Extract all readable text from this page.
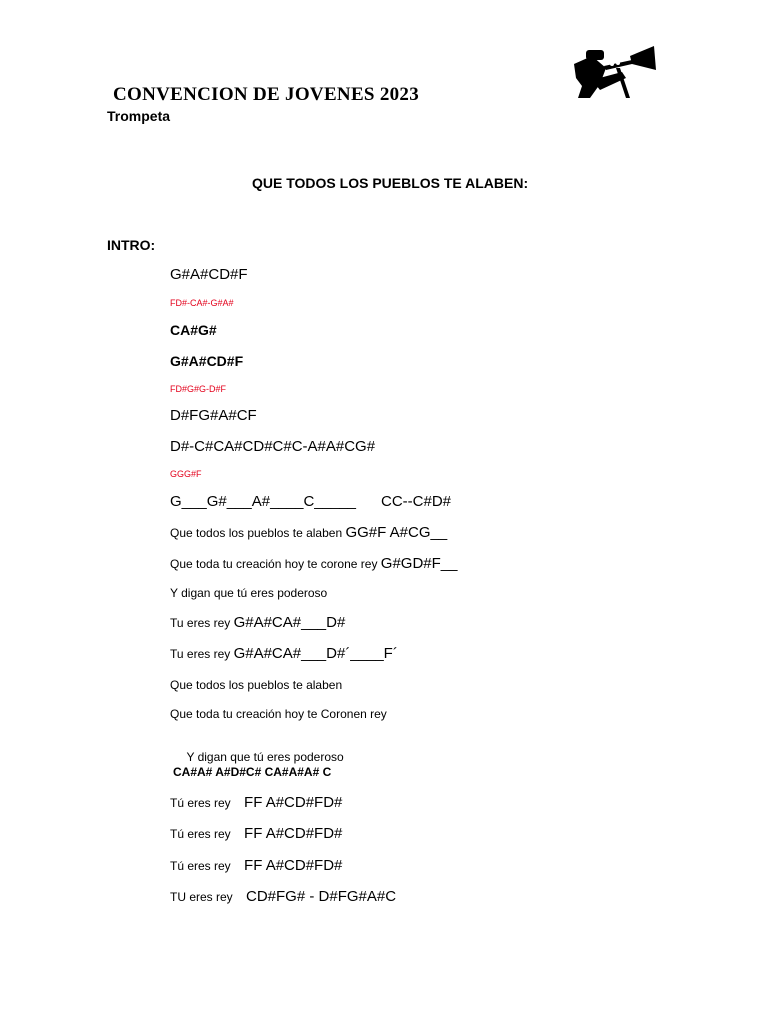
CONVENCION DE JOVENES 2023
Trompeta
QUE TODOS LOS PUEBLOS TE ALABEN:
INTRO:
G#A#CD#F
FD#-CA#-G#A#
CA#G#
G#A#CD#F
FD#G#G-D#F
D#FG#A#CF
D#-C#CA#CD#C#C-A#A#CG#
GGG#F
G___G#___A#____C_____      CC--C#D#
Que todos los pueblos te alaben GG#F A#CG__
Que toda tu creación hoy te corone rey G#GD#F__
Y digan que tú eres poderoso
Tu eres rey G#A#CA#___D#
Tu eres rey G#A#CA#___D#´____F´
Que todos los pueblos te alaben
Que toda tu creación hoy te Coronen rey

Y digan que tú eres poderoso

CA#A# A#D#C# CA#A#A# C
Tú eres rey FF A#CD#FD#
Tú eres rey FF A#CD#FD#
Tú eres rey FF A#CD#FD#
TU eres rey CD#FG# - D#FG#A#C
